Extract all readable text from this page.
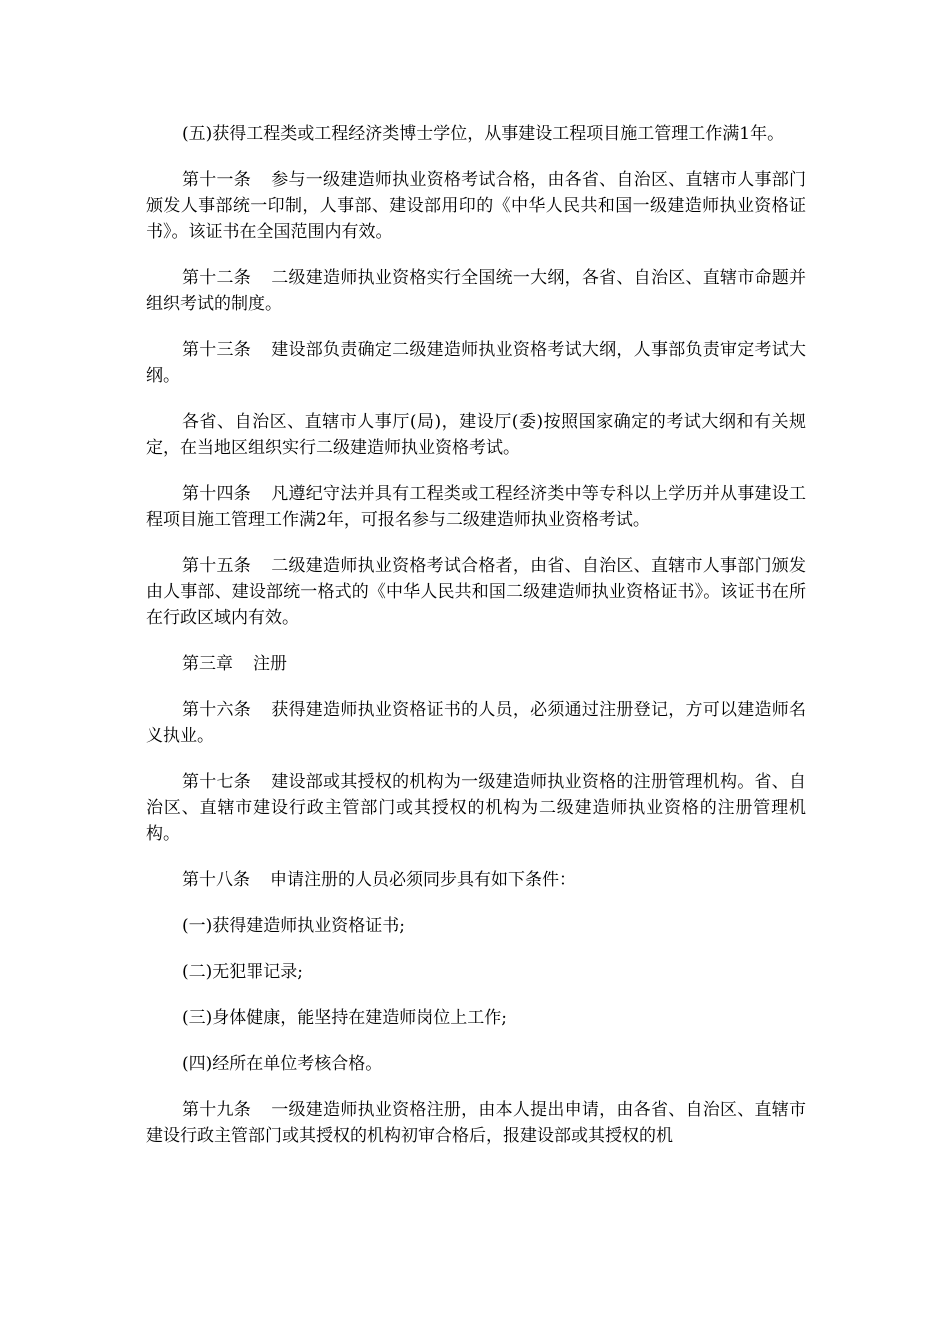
(五)获得工程类或工程经济类博士学位，从事建设工程项目施工管理工作满1年。

第十一条 参与一级建造师执业资格考试合格，由各省、自治区、直辖市人事部门颁发人事部统一印制，人事部、建设部用印的《中华人民共和国一级建造师执业资格证书》。该证书在全国范围内有效。

第十二条 二级建造师执业资格实行全国统一大纲，各省、自治区、直辖市命题并组织考试的制度。

第十三条 建设部负责确定二级建造师执业资格考试大纲，人事部负责审定考试大纲。

各省、自治区、直辖市人事厅(局)，建设厅(委)按照国家确定的考试大纲和有关规定，在当地区组织实行二级建造师执业资格考试。

第十四条 凡遵纪守法并具有工程类或工程经济类中等专科以上学历并从事建设工程项目施工管理工作满2年，可报名参与二级建造师执业资格考试。

第十五条 二级建造师执业资格考试合格者，由省、自治区、直辖市人事部门颁发由人事部、建设部统一格式的《中华人民共和国二级建造师执业资格证书》。该证书在所在行政区域内有效。

第三章 注册

第十六条 获得建造师执业资格证书的人员，必须通过注册登记，方可以建造师名义执业。

第十七条 建设部或其授权的机构为一级建造师执业资格的注册管理机构。省、自治区、直辖市建设行政主管部门或其授权的机构为二级建造师执业资格的注册管理机构。

第十八条 申请注册的人员必须同步具有如下条件：

(一)获得建造师执业资格证书;

(二)无犯罪记录;

(三)身体健康，能坚持在建造师岗位上工作;

(四)经所在单位考核合格。

第十九条 一级建造师执业资格注册，由本人提出申请，由各省、自治区、直辖市建设行政主管部门或其授权的机构初审合格后，报建设部或其授权的机
